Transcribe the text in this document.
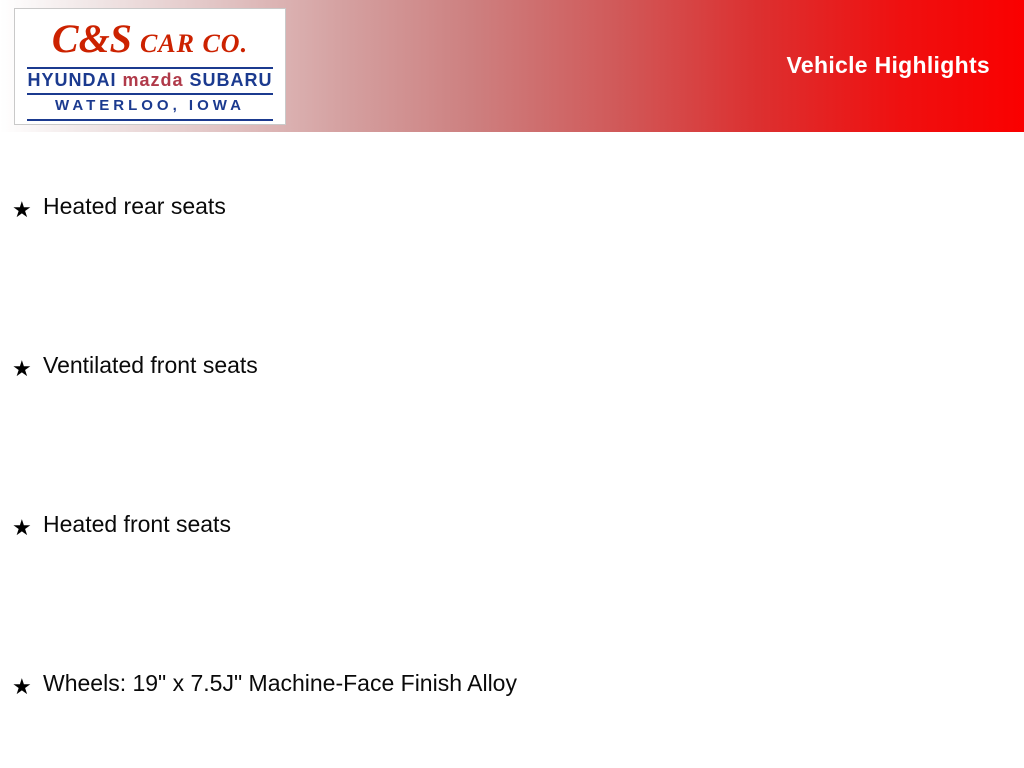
C&S CAR CO.
HYUNDAI mazda SUBARU
WATERLOO, IOWA
Vehicle Highlights
★ Heated rear seats
★ Ventilated front seats
★ Heated front seats
★ Wheels: 19" x 7.5J" Machine-Face Finish Alloy
